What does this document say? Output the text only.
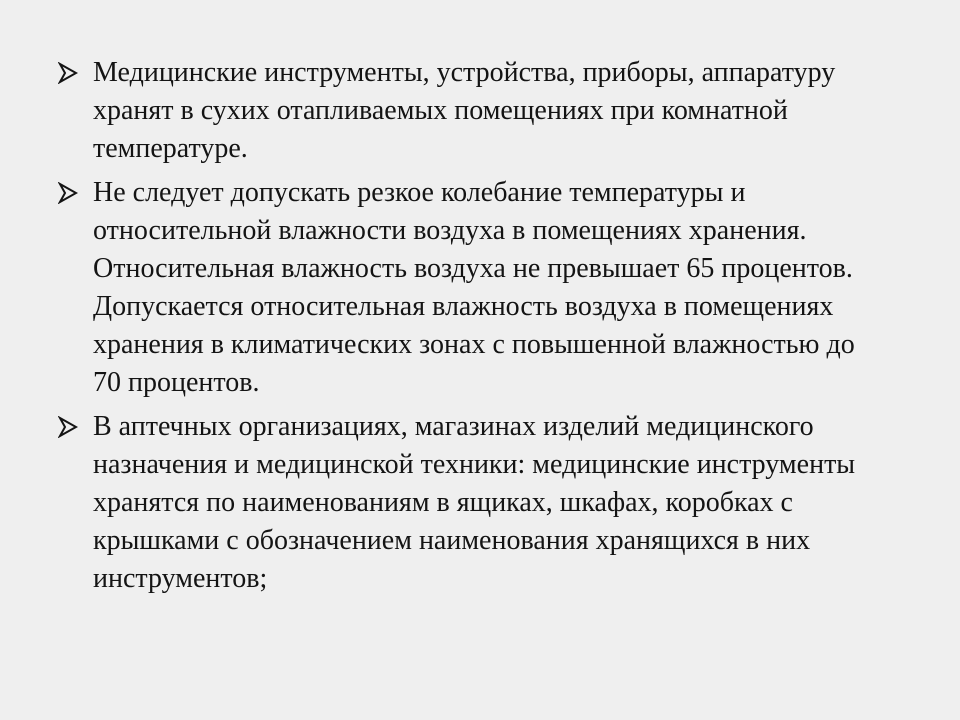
Медицинские инструменты, устройства, приборы, аппаратуру хранят в сухих отапливаемых помещениях при комнатной температуре.
Не следует допускать резкое колебание температуры и относительной влажности воздуха в помещениях хранения. Относительная влажность воздуха не превышает 65 процентов. Допускается относительная влажность воздуха в помещениях хранения в климатических зонах с повышенной влажностью до 70 процентов.
В аптечных организациях, магазинах изделий медицинского назначения и медицинской техники: медицинские инструменты хранятся по наименованиям в ящиках, шкафах, коробках с крышками с обозначением наименования хранящихся в них инструментов;
